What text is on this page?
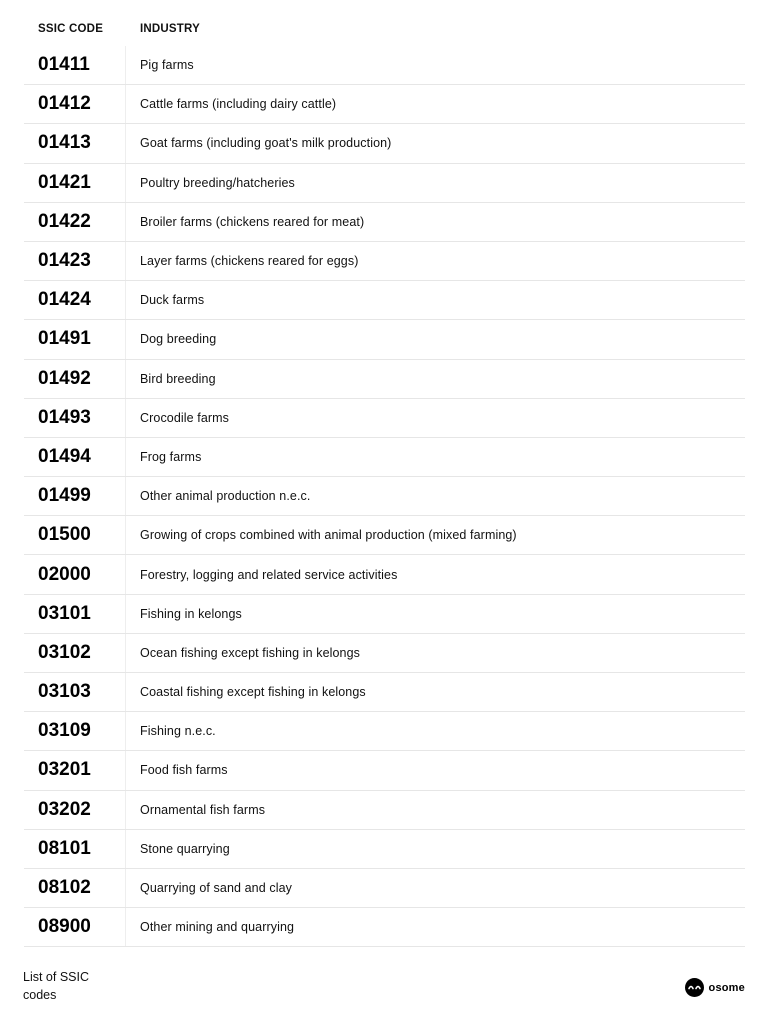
SSIC CODE	INDUSTRY
01411	Pig farms
01412	Cattle farms (including dairy cattle)
01413	Goat farms (including goat's milk production)
01421	Poultry breeding/hatcheries
01422	Broiler farms (chickens reared for meat)
01423	Layer farms (chickens reared for eggs)
01424	Duck farms
01491	Dog breeding
01492	Bird breeding
01493	Crocodile farms
01494	Frog farms
01499	Other animal production n.e.c.
01500	Growing of crops combined with animal production (mixed farming)
02000	Forestry, logging and related service activities
03101	Fishing in kelongs
03102	Ocean fishing except fishing in kelongs
03103	Coastal fishing except fishing in kelongs
03109	Fishing n.e.c.
03201	Food fish farms
03202	Ornamental fish farms
08101	Stone quarrying
08102	Quarrying of sand and clay
08900	Other mining and quarrying
List of SSIC codes
osome
